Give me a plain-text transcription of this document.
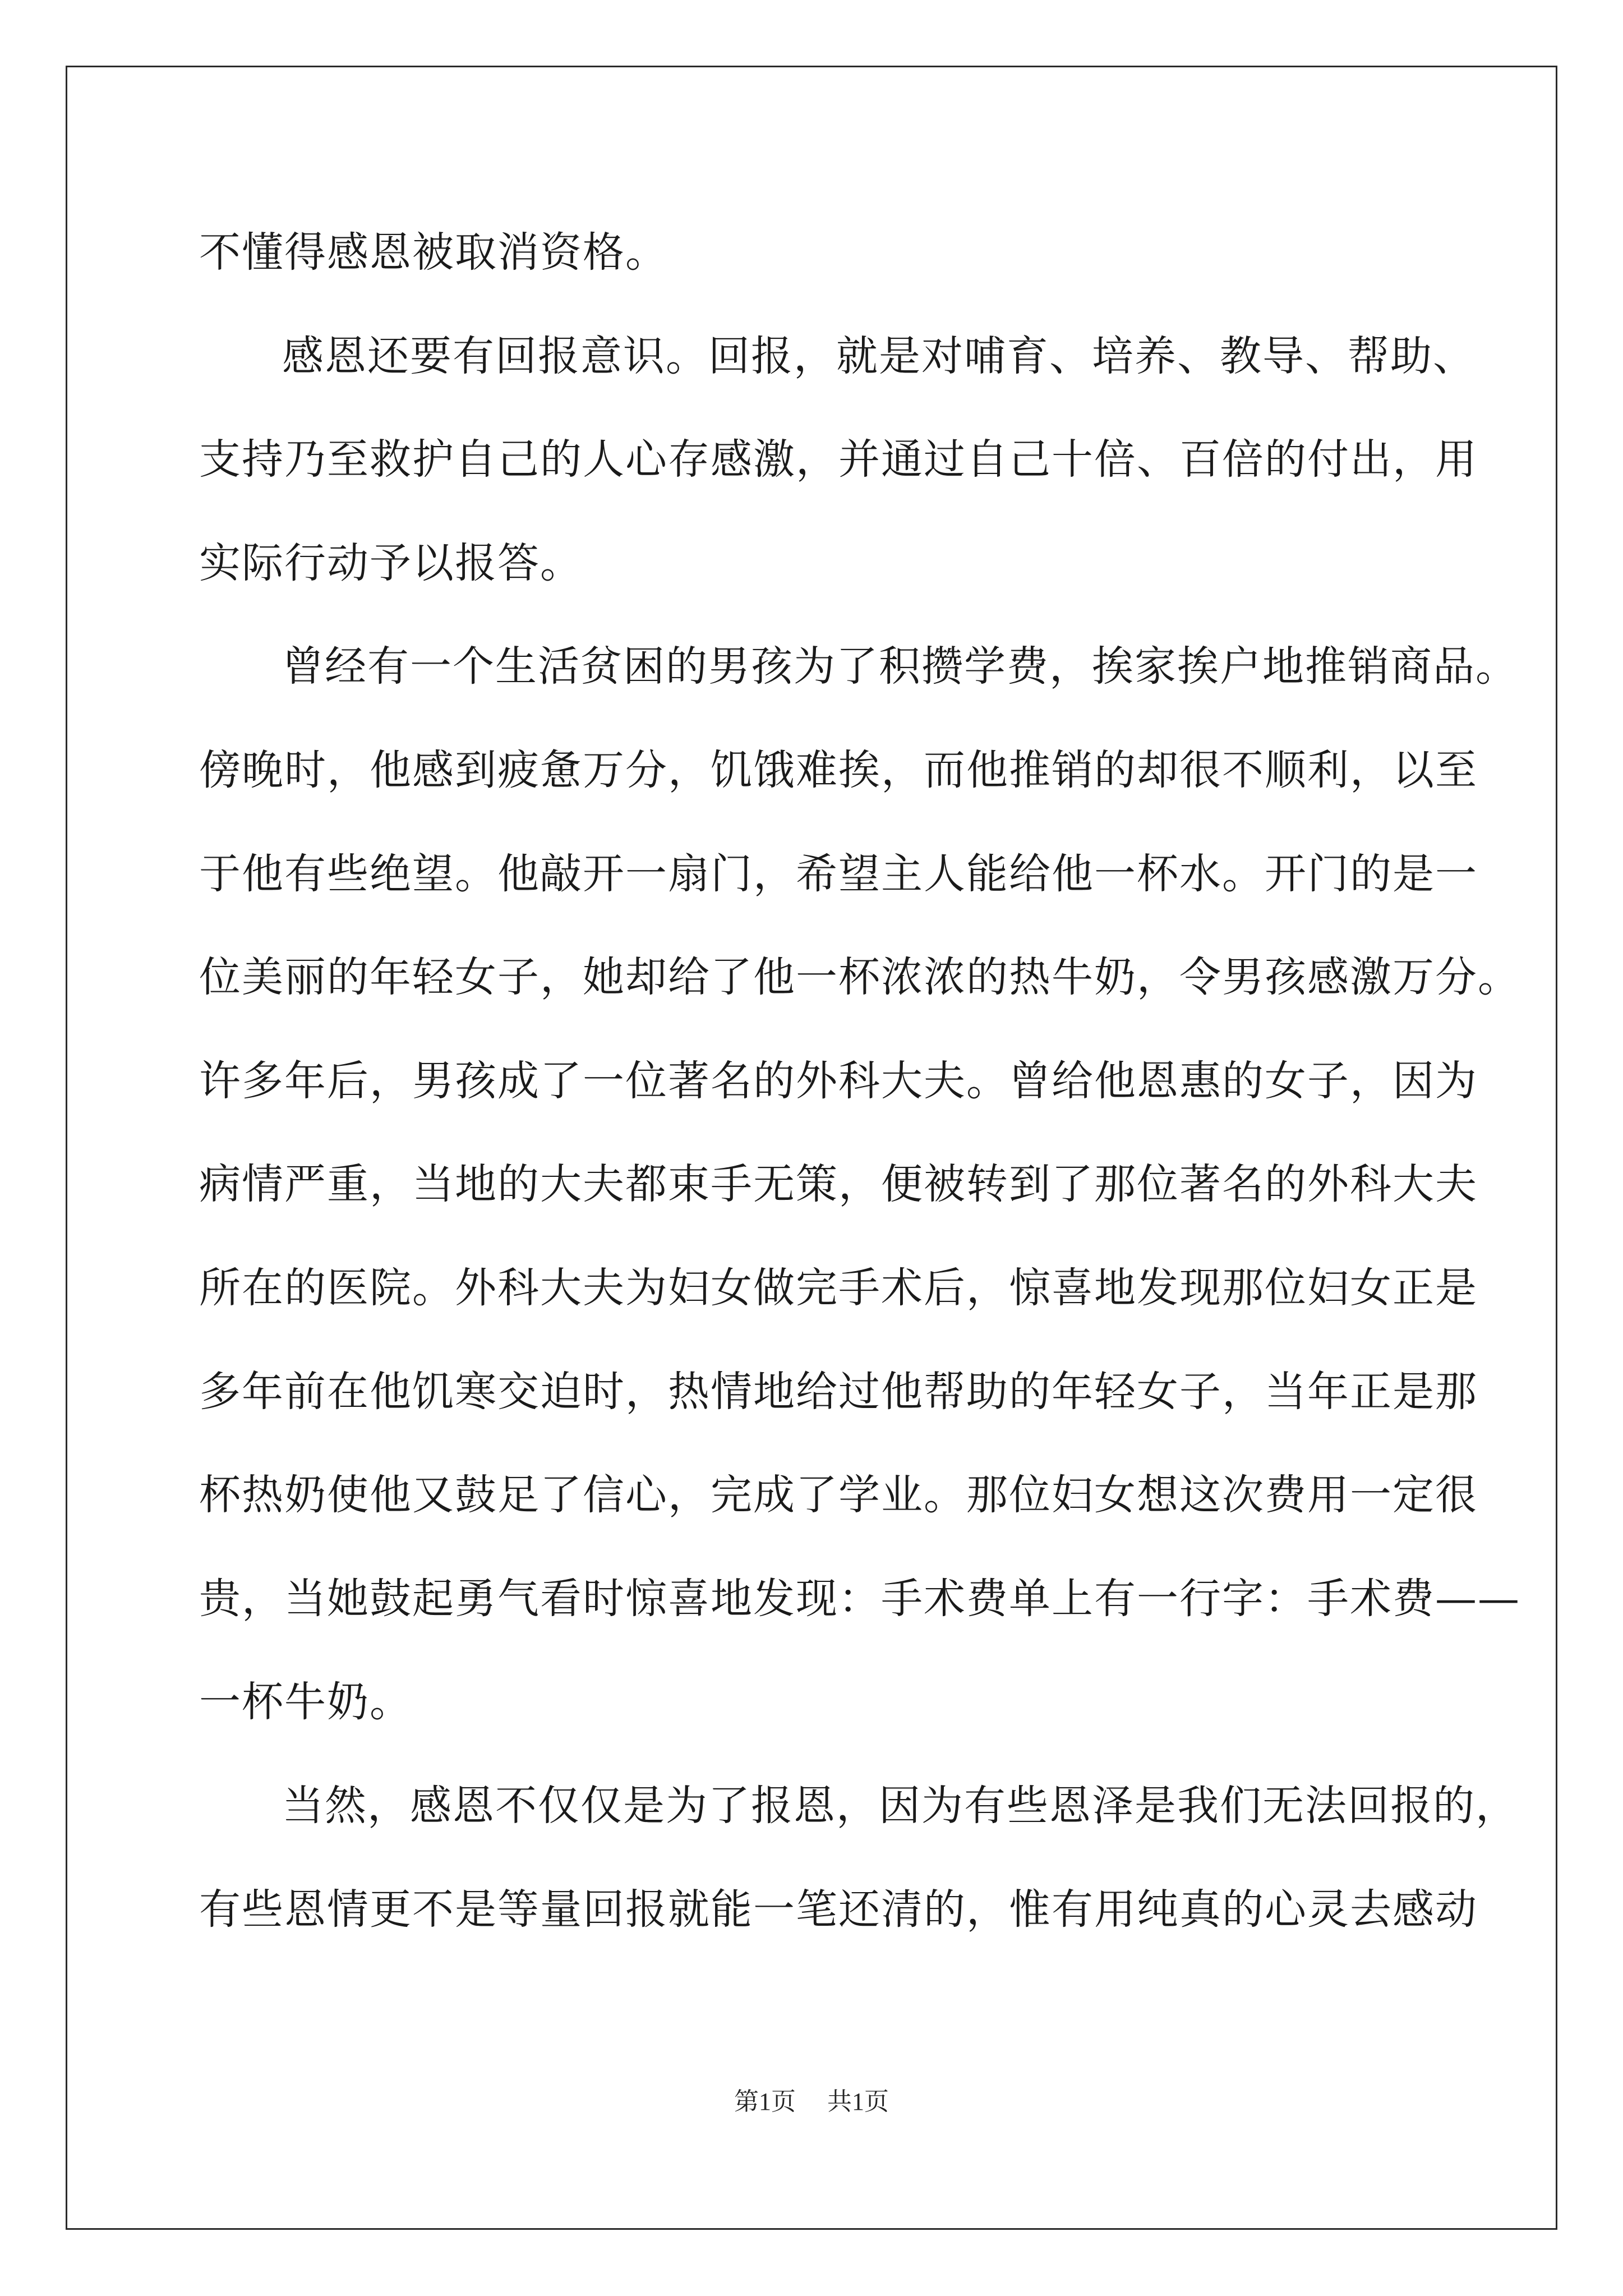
不懂得感恩被取消资格。
感恩还要有回报意识。回报，就是对哺育、培养、教导、帮助、
支持乃至救护自己的人心存感激，并通过自己十倍、百倍的付出，用
实际行动予以报答。
曾经有一个生活贫困的男孩为了积攒学费，挨家挨户地推销商品。
傍晚时，他感到疲惫万分，饥饿难挨，而他推销的却很不顺利，以至
于他有些绝望。他敲开一扇门，希望主人能给他一杯水。开门的是一
位美丽的年轻女子，她却给了他一杯浓浓的热牛奶，令男孩感激万分。
许多年后，男孩成了一位著名的外科大夫。曾给他恩惠的女子，因为
病情严重，当地的大夫都束手无策，便被转到了那位著名的外科大夫
所在的医院。外科大夫为妇女做完手术后，惊喜地发现那位妇女正是
多年前在他饥寒交迫时，热情地给过他帮助的年轻女子，当年正是那
杯热奶使他又鼓足了信心，完成了学业。那位妇女想这次费用一定很
贵，当她鼓起勇气看时惊喜地发现：手术费单上有一行字：手术费——
一杯牛奶。
当然，感恩不仅仅是为了报恩，因为有些恩泽是我们无法回报的，
有些恩情更不是等量回报就能一笔还清的，惟有用纯真的心灵去感动
第1页 共1页
